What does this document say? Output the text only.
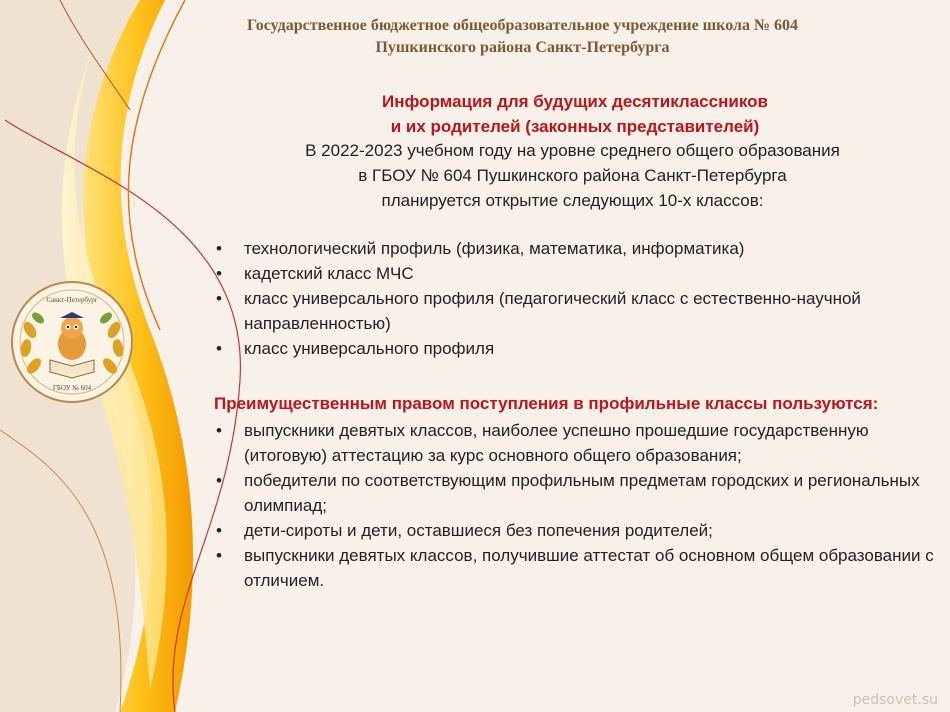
Государственное бюджетное общеобразовательное учреждение школа № 604
Пушкинского района Санкт-Петербурга
Информация для будущих десятиклассников
и их родителей (законных представителей)
В 2022-2023 учебном году на уровне среднего общего образования
в ГБОУ № 604 Пушкинского района Санкт-Петербурга
планируется открытие следующих 10-х классов:
• технологический профиль (физика, математика, информатика)
• кадетский класс МЧС
• класс универсального профиля (педагогический класс с естественно-научной направленностью)
• класс универсального профиля
Преимущественным правом поступления в профильные классы пользуются:
• выпускники девятых классов, наиболее успешно прошедшие государственную (итоговую) аттестацию за курс основного общего образования;
• победители по соответствующим профильным предметам городских и региональных олимпиад;
• дети-сироты и дети, оставшиеся без попечения родителей;
• выпускники девятых классов, получившие аттестат об основном общем образовании с отличием.
Санкт-Петербург
ГБОУ № 604
pedsovet.su
